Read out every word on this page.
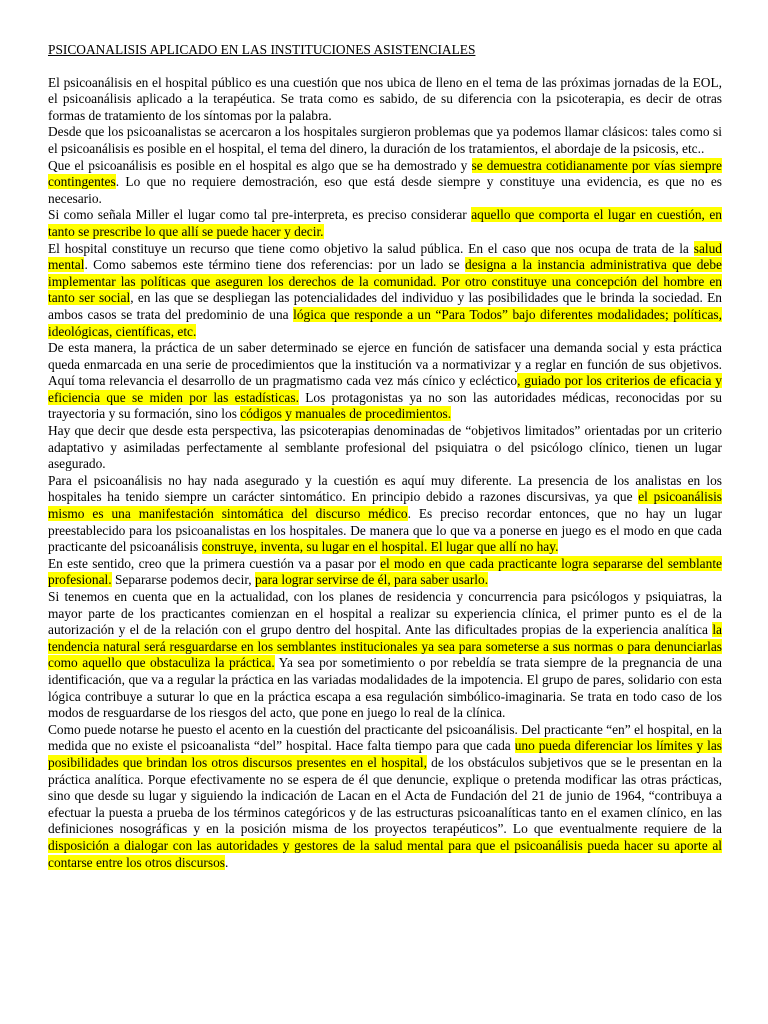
PSICOANALISIS APLICADO EN LAS INSTITUCIONES ASISTENCIALES

El psicoanálisis en el hospital público es una cuestión que nos ubica de lleno en el tema de las próximas jornadas de la EOL, el psicoanálisis aplicado a la terapéutica. Se trata como es sabido, de su diferencia con la psicoterapia, es decir de otras formas de tratamiento de los síntomas por la palabra.

Desde que los psicoanalistas se acercaron a los hospitales surgieron problemas que ya podemos llamar clásicos: tales como si el psicoanálisis es posible en el hospital, el tema del dinero, la duración de los tratamientos, el abordaje de la psicosis, etc..

Que el psicoanálisis es posible en el hospital es algo que se ha demostrado y se demuestra cotidianamente por vías siempre contingentes. Lo que no requiere demostración, eso que está desde siempre y constituye una evidencia, es que no es necesario.

Si como señala Miller el lugar como tal pre-interpreta, es preciso considerar aquello que comporta el lugar en cuestión, en tanto se prescribe lo que allí se puede hacer y decir.

El hospital constituye un recurso que tiene como objetivo la salud pública. En el caso que nos ocupa de trata de la salud mental. Como sabemos este término tiene dos referencias: por un lado se designa a la instancia administrativa que debe implementar las políticas que aseguren los derechos de la comunidad. Por otro constituye una concepción del hombre en tanto ser social, en las que se despliegan las potencialidades del individuo y las posibilidades que le brinda la sociedad. En ambos casos se trata del predominio de una lógica que responde a un “Para Todos” bajo diferentes modalidades; políticas, ideológicas, científicas, etc.

De esta manera, la práctica de un saber determinado se ejerce en función de satisfacer una demanda social y esta práctica queda enmarcada en una serie de procedimientos que la institución va a normativizar y a reglar en función de sus objetivos. Aquí toma relevancia el desarrollo de un pragmatismo cada vez más cínico y ecléctico, guiado por los criterios de eficacia y eficiencia que se miden por las estadísticas. Los protagonistas ya no son las autoridades médicas, reconocidas por su trayectoria y su formación, sino los códigos y manuales de procedimientos.

Hay que decir que desde esta perspectiva, las psicoterapias denominadas de “objetivos limitados” orientadas por un criterio adaptativo y asimiladas perfectamente al semblante profesional del psiquiatra o del psicólogo clínico, tienen un lugar asegurado.

Para el psicoanálisis no hay nada asegurado y la cuestión es aquí muy diferente. La presencia de los analistas en los hospitales ha tenido siempre un carácter sintomático. En principio debido a razones discursivas, ya que el psicoanálisis mismo es una manifestación sintomática del discurso médico. Es preciso recordar entonces, que no hay un lugar preestablecido para los psicoanalistas en los hospitales. De manera que lo que va a ponerse en juego es el modo en que cada practicante del psicoanálisis construye, inventa, su lugar en el hospital. El lugar que allí no hay.

En este sentido, creo que la primera cuestión va a pasar por el modo en que cada practicante logra separarse del semblante profesional. Separarse podemos decir, para lograr servirse de él, para saber usarlo.

Si tenemos en cuenta que en la actualidad, con los planes de residencia y concurrencia para psicólogos y psiquiatras, la mayor parte de los practicantes comienzan en el hospital a realizar su experiencia clínica, el primer punto es el de la autorización y el de la relación con el grupo dentro del hospital. Ante las dificultades propias de la experiencia analítica la tendencia natural será resguardarse en los semblantes institucionales ya sea para someterse a sus normas o para denunciarlas como aquello que obstaculiza la práctica. Ya sea por sometimiento o por rebeldía se trata siempre de la pregnancia de una identificación, que va a regular la práctica en las variadas modalidades de la impotencia. El grupo de pares, solidario con esta lógica contribuye a suturar lo que en la práctica escapa a esa regulación simbólico-imaginaria. Se trata en todo caso de los modos de resguardarse de los riesgos del acto, que pone en juego lo real de la clínica.

Como puede notarse he puesto el acento en la cuestión del practicante del psicoanálisis. Del practicante “en” el hospital, en la medida que no existe el psicoanalista “del” hospital. Hace falta tiempo para que cada uno pueda diferenciar los límites y las posibilidades que brindan los otros discursos presentes en el hospital, de los obstáculos subjetivos que se le presentan en la práctica analítica. Porque efectivamente no se espera de él que denuncie, explique o pretenda modificar las otras prácticas, sino que desde su lugar y siguiendo la indicación de Lacan en el Acta de Fundación del 21 de junio de 1964, “contribuya a efectuar la puesta a prueba de los términos categóricos y de las estructuras psicoanalíticas tanto en el examen clínico, en las definiciones nosográficas y en la posición misma de los proyectos terapéuticos”. Lo que eventualmente requiere de la disposición a dialogar con las autoridades y gestores de la salud mental para que el psicoanálisis pueda hacer su aporte al contarse entre los otros discursos.
